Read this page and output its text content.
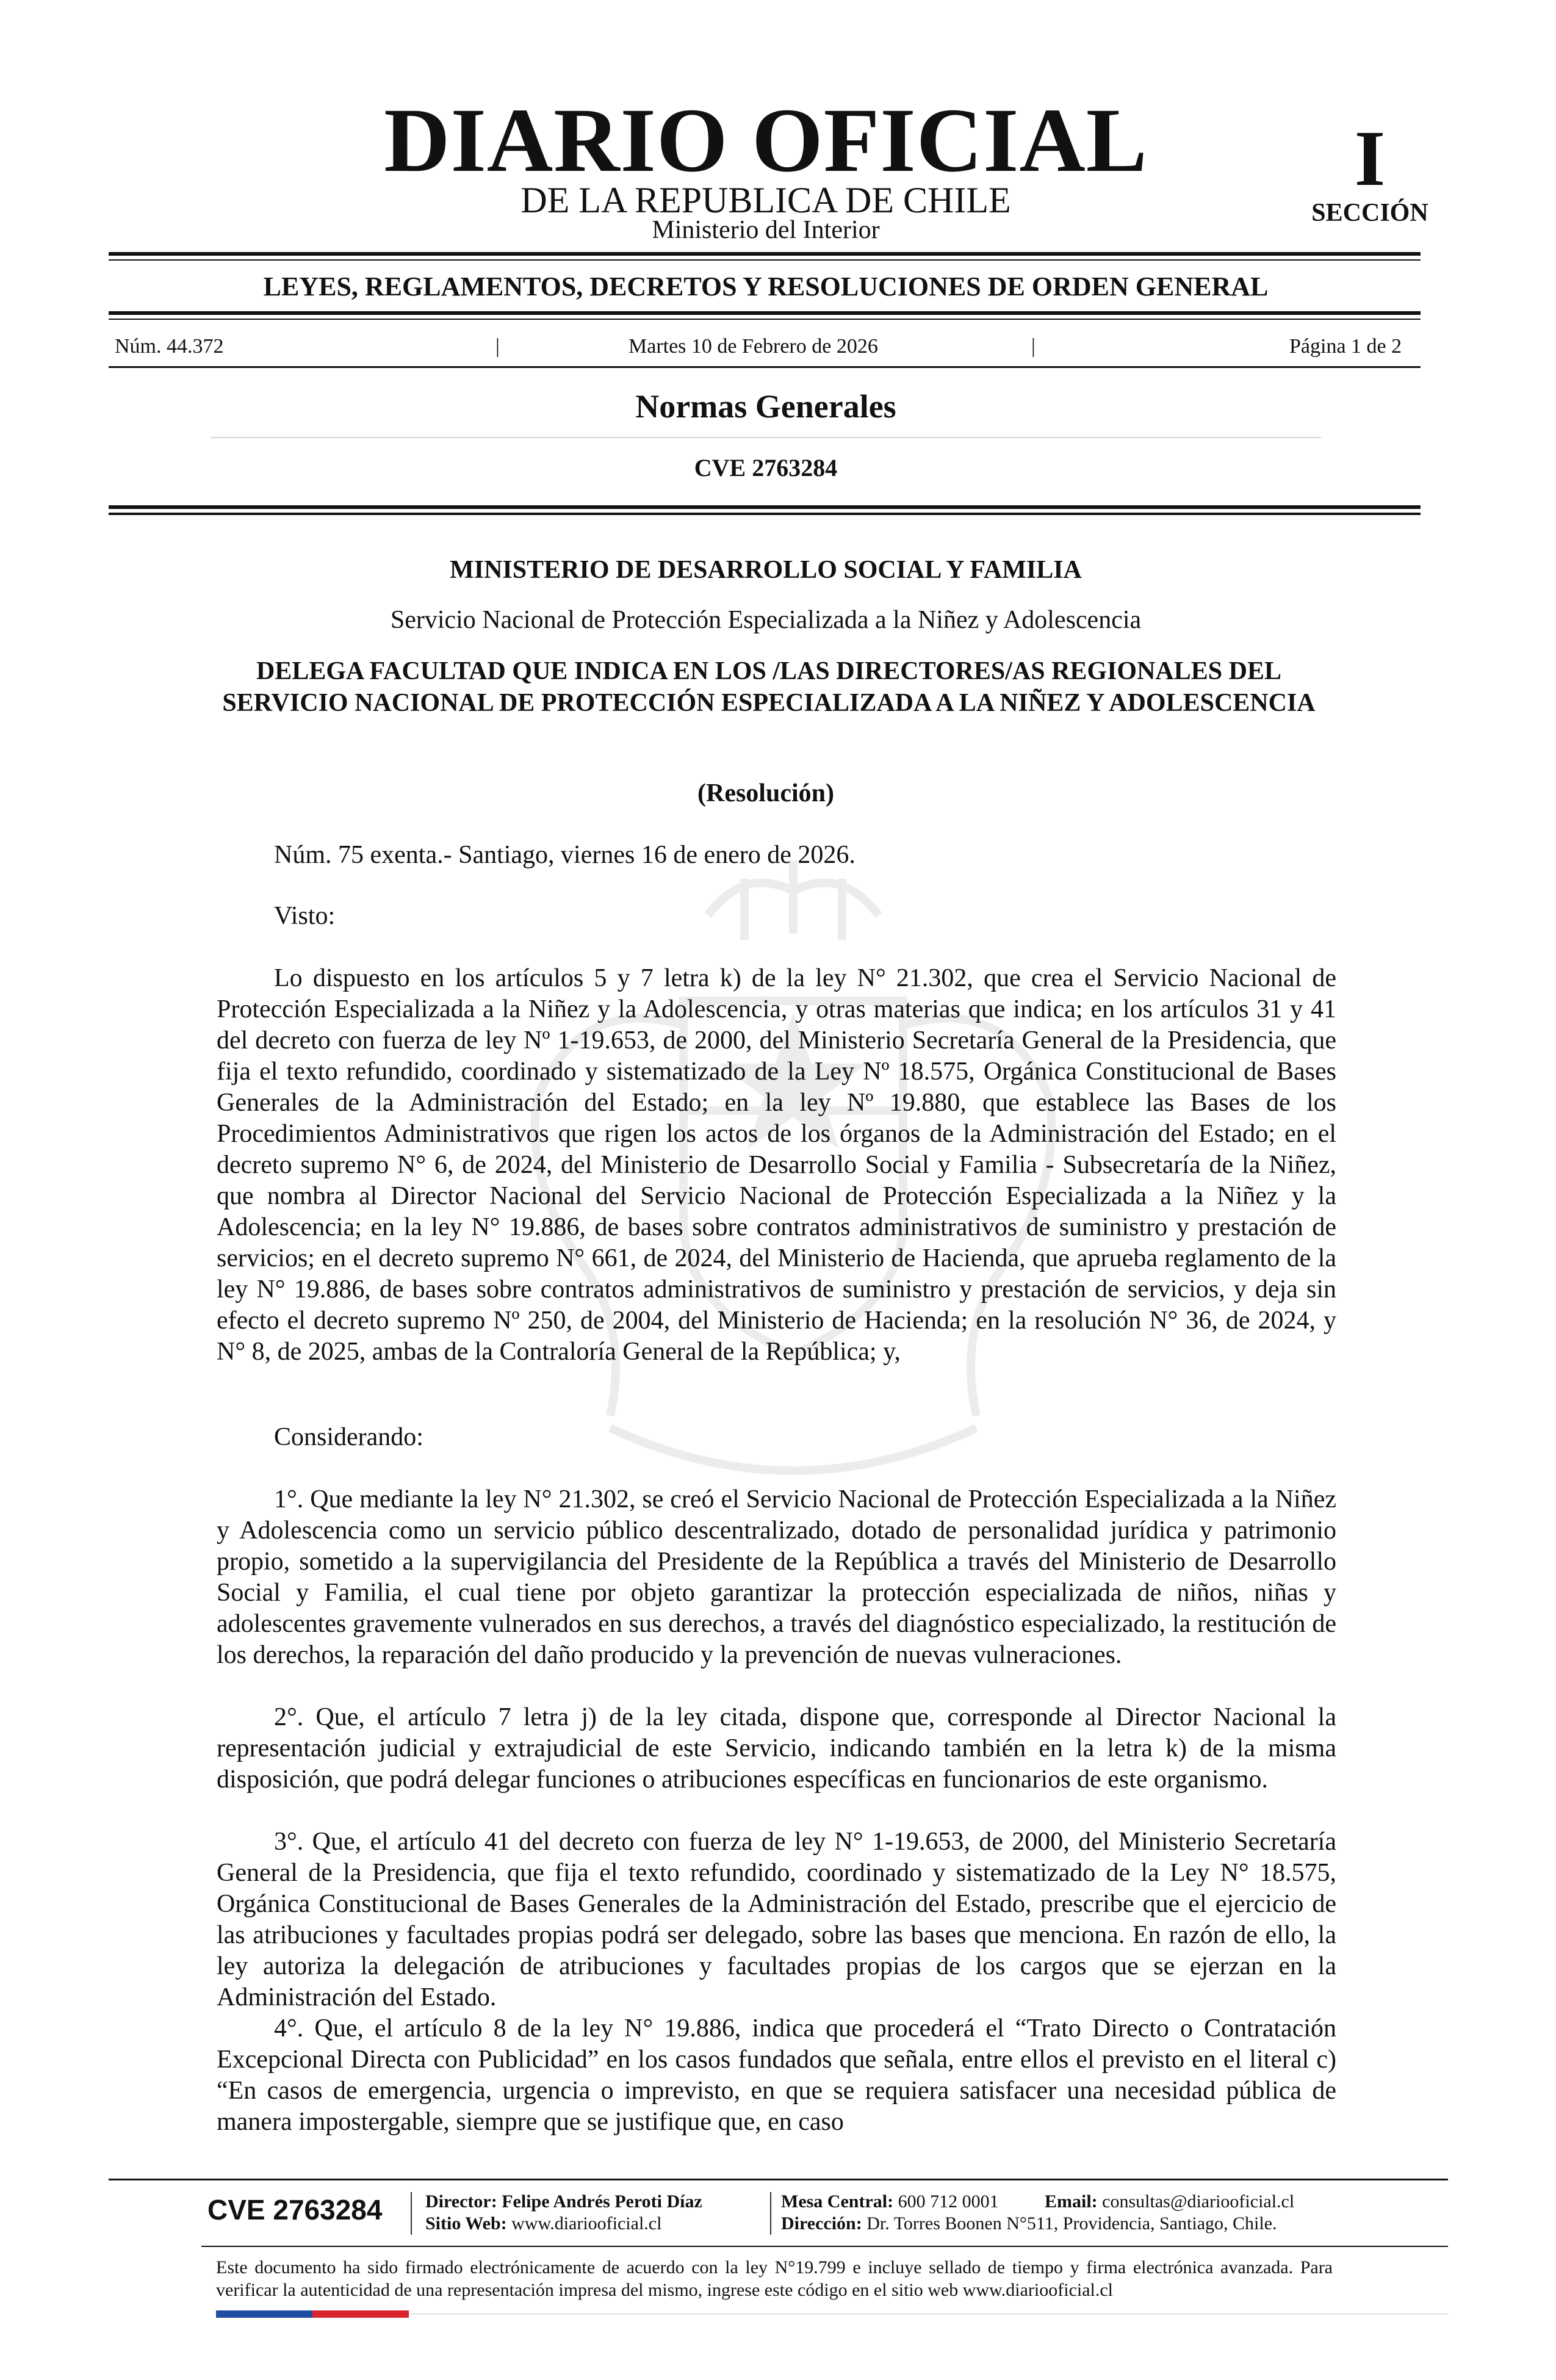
DIARIO OFICIAL
DE LA REPUBLICA DE CHILE
Ministerio del Interior
I
SECCIÓN
LEYES, REGLAMENTOS, DECRETOS Y RESOLUCIONES DE ORDEN GENERAL
Núm. 44.372	|	Martes 10 de Febrero de 2026	|	Página 1 de 2
Normas Generales
CVE 2763284
MINISTERIO DE DESARROLLO SOCIAL Y FAMILIA
Servicio Nacional de Protección Especializada a la Niñez y Adolescencia
DELEGA FACULTAD QUE INDICA EN LOS /LAS DIRECTORES/AS REGIONALES DEL SERVICIO NACIONAL DE PROTECCIÓN ESPECIALIZADA A LA NIÑEZ Y ADOLESCENCIA
(Resolución)
Núm. 75 exenta.- Santiago, viernes 16 de enero de 2026.
Visto:
Lo dispuesto en los artículos 5 y 7 letra k) de la ley N° 21.302, que crea el Servicio Nacional de Protección Especializada a la Niñez y la Adolescencia, y otras materias que indica; en los artículos 31 y 41 del decreto con fuerza de ley Nº 1-19.653, de 2000, del Ministerio Secretaría General de la Presidencia, que fija el texto refundido, coordinado y sistematizado de la Ley Nº 18.575, Orgánica Constitucional de Bases Generales de la Administración del Estado; en la ley Nº 19.880, que establece las Bases de los Procedimientos Administrativos que rigen los actos de los órganos de la Administración del Estado; en el decreto supremo N° 6, de 2024, del Ministerio de Desarrollo Social y Familia - Subsecretaría de la Niñez, que nombra al Director Nacional del Servicio Nacional de Protección Especializada a la Niñez y la Adolescencia; en la ley N° 19.886, de bases sobre contratos administrativos de suministro y prestación de servicios; en el decreto supremo N° 661, de 2024, del Ministerio de Hacienda, que aprueba reglamento de la ley N° 19.886, de bases sobre contratos administrativos de suministro y prestación de servicios, y deja sin efecto el decreto supremo Nº 250, de 2004, del Ministerio de Hacienda; en la resolución N° 36, de 2024, y N° 8, de 2025, ambas de la Contraloría General de la República; y,
Considerando:
1°. Que mediante la ley N° 21.302, se creó el Servicio Nacional de Protección Especializada a la Niñez y Adolescencia como un servicio público descentralizado, dotado de personalidad jurídica y patrimonio propio, sometido a la supervigilancia del Presidente de la República a través del Ministerio de Desarrollo Social y Familia, el cual tiene por objeto garantizar la protección especializada de niños, niñas y adolescentes gravemente vulnerados en sus derechos, a través del diagnóstico especializado, la restitución de los derechos, la reparación del daño producido y la prevención de nuevas vulneraciones.
2°. Que, el artículo 7 letra j) de la ley citada, dispone que, corresponde al Director Nacional la representación judicial y extrajudicial de este Servicio, indicando también en la letra k) de la misma disposición, que podrá delegar funciones o atribuciones específicas en funcionarios de este organismo.
3°. Que, el artículo 41 del decreto con fuerza de ley N° 1-19.653, de 2000, del Ministerio Secretaría General de la Presidencia, que fija el texto refundido, coordinado y sistematizado de la Ley N° 18.575, Orgánica Constitucional de Bases Generales de la Administración del Estado, prescribe que el ejercicio de las atribuciones y facultades propias podrá ser delegado, sobre las bases que menciona. En razón de ello, la ley autoriza la delegación de atribuciones y facultades propias de los cargos que se ejerzan en la Administración del Estado.
4°. Que, el artículo 8 de la ley N° 19.886, indica que procederá el “Trato Directo o Contratación Excepcional Directa con Publicidad” en los casos fundados que señala, entre ellos el previsto en el literal c) “En casos de emergencia, urgencia o imprevisto, en que se requiera satisfacer una necesidad pública de manera impostergable, siempre que se justifique que, en caso
CVE 2763284	Director: Felipe Andrés Peroti Díaz
Sitio Web: www.diariooficial.cl
Mesa Central: 600 712 0001	Email: consultas@diariooficial.cl
Dirección: Dr. Torres Boonen N°511, Providencia, Santiago, Chile.
Este documento ha sido firmado electrónicamente de acuerdo con la ley N°19.799 e incluye sellado de tiempo y firma electrónica avanzada. Para verificar la autenticidad de una representación impresa del mismo, ingrese este código en el sitio web www.diariooficial.cl
